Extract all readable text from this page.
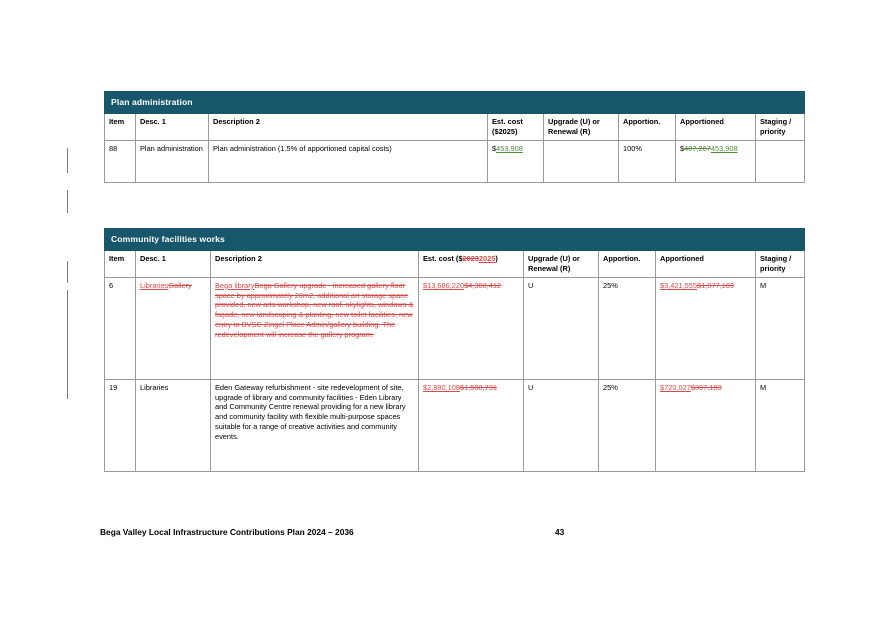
Plan administration							
Item	Desc. 1	Description 2	Est. cost ($2025)	Upgrade (U) or Renewal (R)	Apportion.	Apportioned	Staging / priority
88	Plan administration	Plan administration (1.5% of apportioned capital costs)	$453,908		100%	$407,267453,908	
Community facilities works							
Item	Desc. 1	Description 2	Est. cost ($20232025)	Upgrade (U) or Renewal (R)	Apportion.	Apportioned	Staging / priority
6	LibrariesGallery	Bega libraryBega Gallery upgrade - increased gallery floor space by approximately 20m2, additional art storage space provided, new arts workshop, new roof, skylights, windows & façade, new landscaping & planting, new toilet facilities, new entry to BVSC Zingel Place Admin/gallery building. The redevelopment will increase the gallery program.	$13,686,220$4,308,412	U	25%	$3,421,555$1,077,103	M
19	Libraries	Eden Gateway refurbishment - site redevelopment of site, upgrade of library and community facilities - Eden Library and Community Centre renewal providing for a new library and community facility with flexible multi-purpose spaces suitable for a range of creative activities and community events.	$2,880,108$1,588,731	U	25%	$720,027$397,183	M
Bega Valley Local Infrastructure Contributions Plan 2024 – 2036	43
